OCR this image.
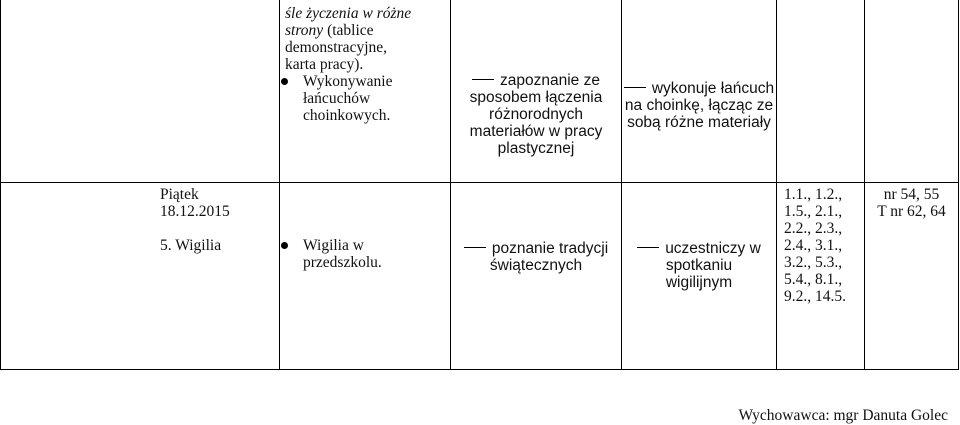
śle życzenia w różne
strony (tablice
demonstracyjne,
karta pracy).
Wykonywanie
łańcuchów
choinkowych.
zapoznanie ze
sposobem łączenia
różnorodnych
materiałów w pracy
plastycznej
wykonuje łańcuch
na choinkę, łącząc ze
sobą różne materiały
Piątek
18.12.2015
5. Wigilia	Wigilia w
przedszkolu.
poznanie tradycji
świątecznych
uczestniczy w
spotkaniu
wigilijnym
1.1., 1.2.,
1.5., 2.1.,
2.2., 2.3.,
2.4., 3.1.,
3.2., 5.3.,
5.4., 8.1.,
9.2., 14.5.
nr 54, 55
T nr 62, 64
Wychowawca: mgr Danuta Golec
